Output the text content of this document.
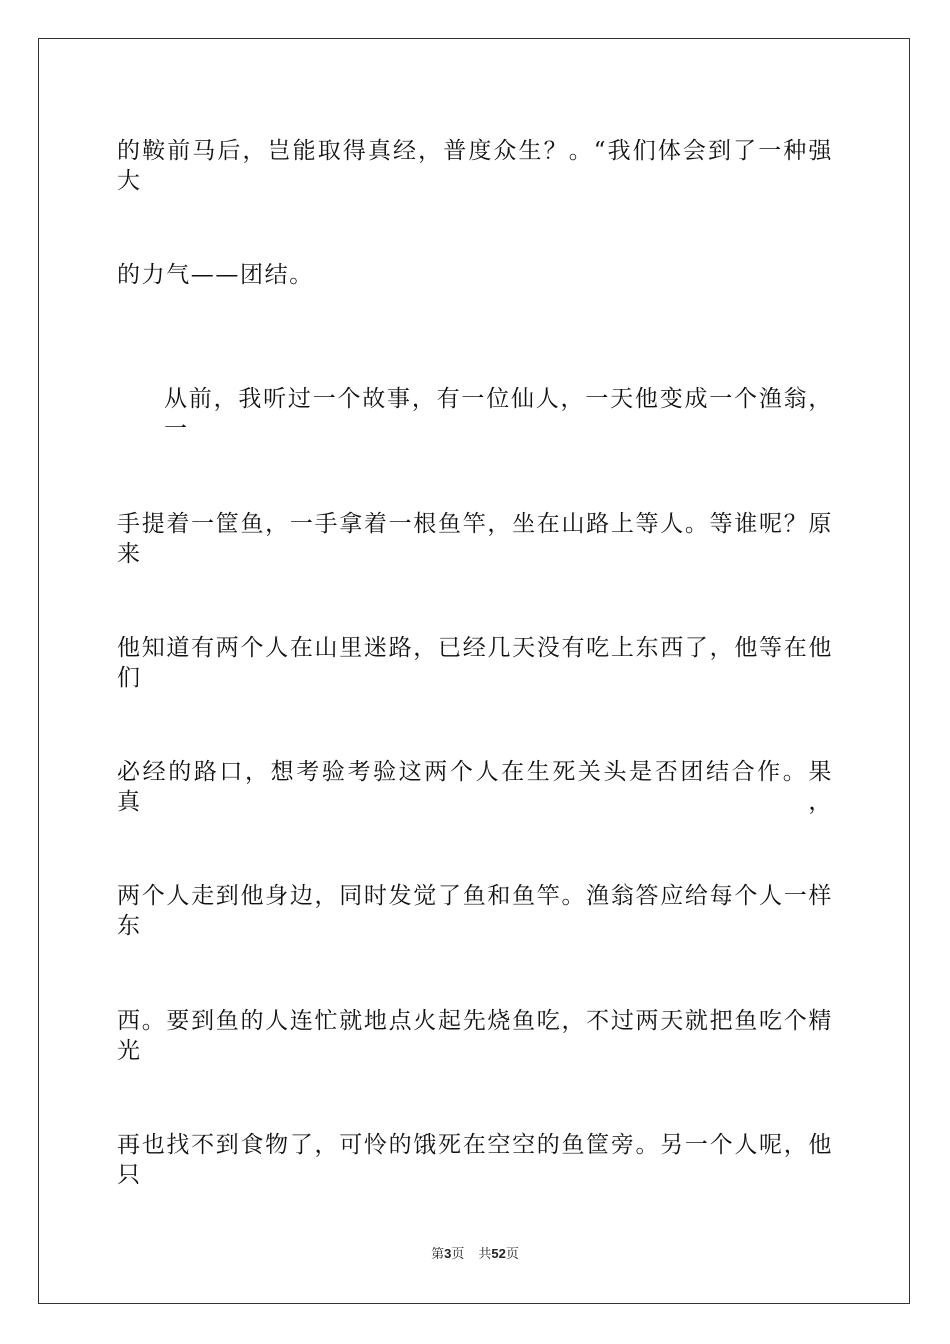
的鞍前马后，岂能取得真经，普度众生？。“我们体会到了一种强大
的力气——团结。
从前，我听过一个故事，有一位仙人，一天他变成一个渔翁，一
手提着一筐鱼，一手拿着一根鱼竿，坐在山路上等人。等谁呢？原来
他知道有两个人在山里迷路，已经几天没有吃上东西了，他等在他们
必经的路口，想考验考验这两个人在生死关头是否团结合作。果真，
两个人走到他身边，同时发觉了鱼和鱼竿。渔翁答应给每个人一样东
西。要到鱼的人连忙就地点火起先烧鱼吃，不过两天就把鱼吃个精光
再也找不到食物了，可怜的饿死在空空的鱼筐旁。另一个人呢，他只
第3页 共52页
